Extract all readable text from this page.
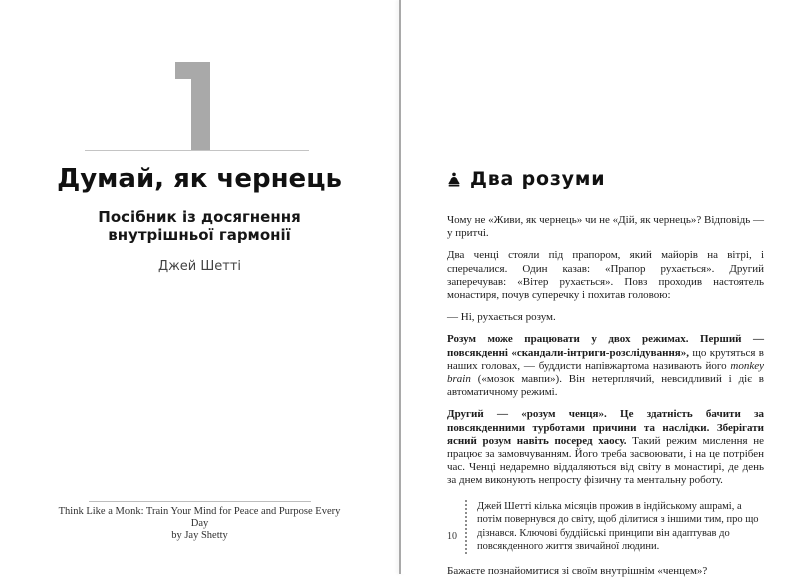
Думай, як чернець
Посібник із досягнення
внутрішньої гармонії
Джей Шетті
Think Like a Monk: Train Your Mind for Peace and Purpose Every Day
by Jay Shetty
Два розуми

Чому не «Живи, як чернець» чи не «Дій, як чернець»? Відповідь — у притчі.

Два ченці стояли під прапором, який майорів на вітрі, і сперечалися. Один казав: «Прапор рухається». Другий заперечував: «Вітер рухається». Повз проходив настоятель монастиря, почув суперечку і похитав головою:

— Ні, рухається розум.

Розум може працювати у двох режимах. Перший — повсякденні «скандали-інтриги-розслідування», що крутяться в наших головах, — буддисти напівжартома називають його monkey brain («мозок мавпи»). Він нетерплячий, невсидливий і діє в автоматичному режимі.

Другий — «розум ченця». Це здатність бачити за повсякденними турботами причини та наслідки. Зберігати ясний розум навіть посеред хаосу. Такий режим мислення не працює за замовчуванням. Його треба засвоювати, і на це потрібен час. Ченці недаремно віддаляються від світу в монастирі, де день за днем виконують непросту фізичну та ментальну роботу.

Джей Шетті кілька місяців прожив в індійському ашрамі, а потім повернувся до світу, щоб ділитися з іншими тим, про що дізнався. Ключові буддійські принципи він адаптував до повсякденного життя звичайної людини.

Бажаєте познайомитися зі своїм внутрішнім «ченцем»?

10
